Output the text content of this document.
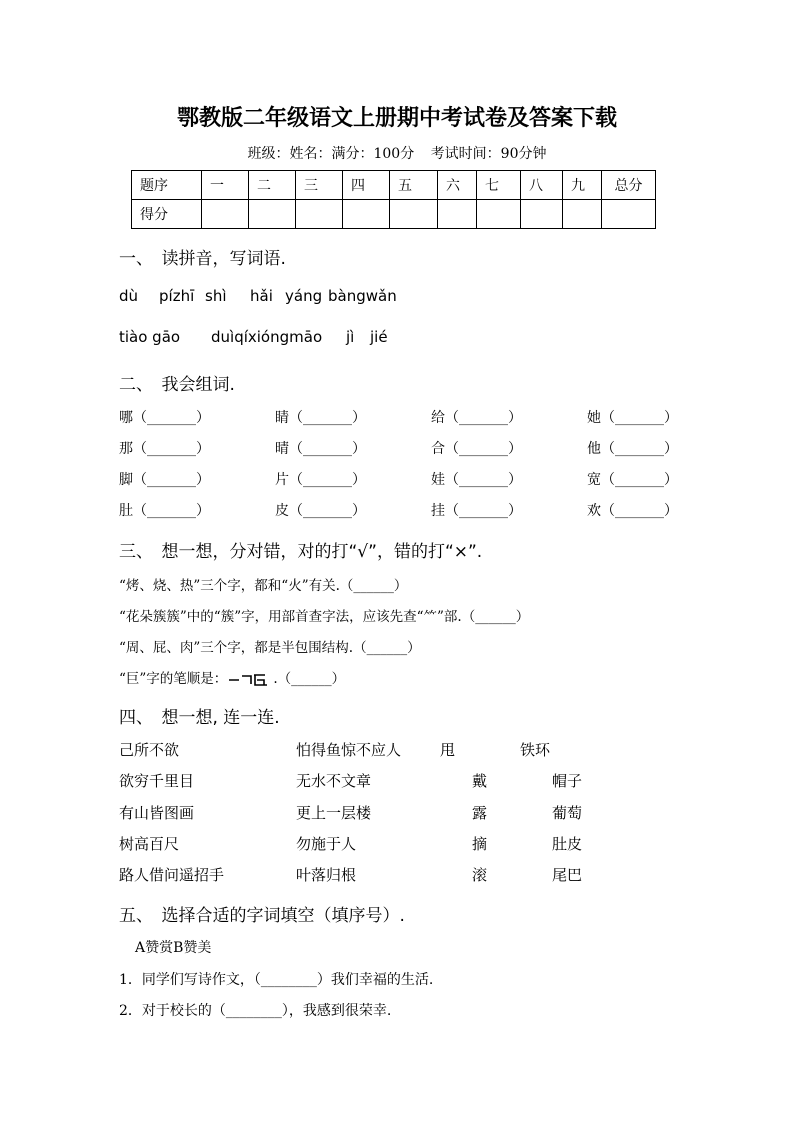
鄂教版二年级语文上册期中考试卷及答案下载
班级：姓名：满分：100分 考试时间：90分钟
题序	一	二	三	四	五	六	七	八	九	总分
得分										
一、　读拼音，写词语.
dù pízhī shì hǎi yáng bàngwǎn
tiào gāo duìqíxióngmāo jì jié
二、　我会组词.
哪（_______）	睛（_______）	给（_______）	她（_______）
那（_______）	晴（_______）	合（_______）	他（_______）
脚（_______）	片（_______）	娃（_______）	宽（_______）
肚（_______）	皮（_______）	挂（_______）	欢（_______）
三、　想一想，分对错，对的打“√”，错的打“×”.
“烤、烧、热”三个字，都和“火”有关.（______）
“花朵簇簇”中的“簇”字，用部首查字法，应该先查“⺮”部.（______）
“周、屁、肉”三个字，都是半包围结构.（______）
“巨”字的笔顺是：	.（______）
四、　想一想, 连一连.
己所不欲	怕得鱼惊不应人	甩	铁环
欲穷千里目	无水不文章	戴	帽子
有山皆图画	更上一层楼	露	葡萄
树高百尺	勿施于人	摘	肚皮
路人借问遥招手	叶落归根	滚	尾巴
五、　选择合适的字词填空（填序号）.
A赞赏B赞美
1．同学们写诗作文，（________）我们幸福的生活.
2．对于校长的（________），我感到很荣幸.
